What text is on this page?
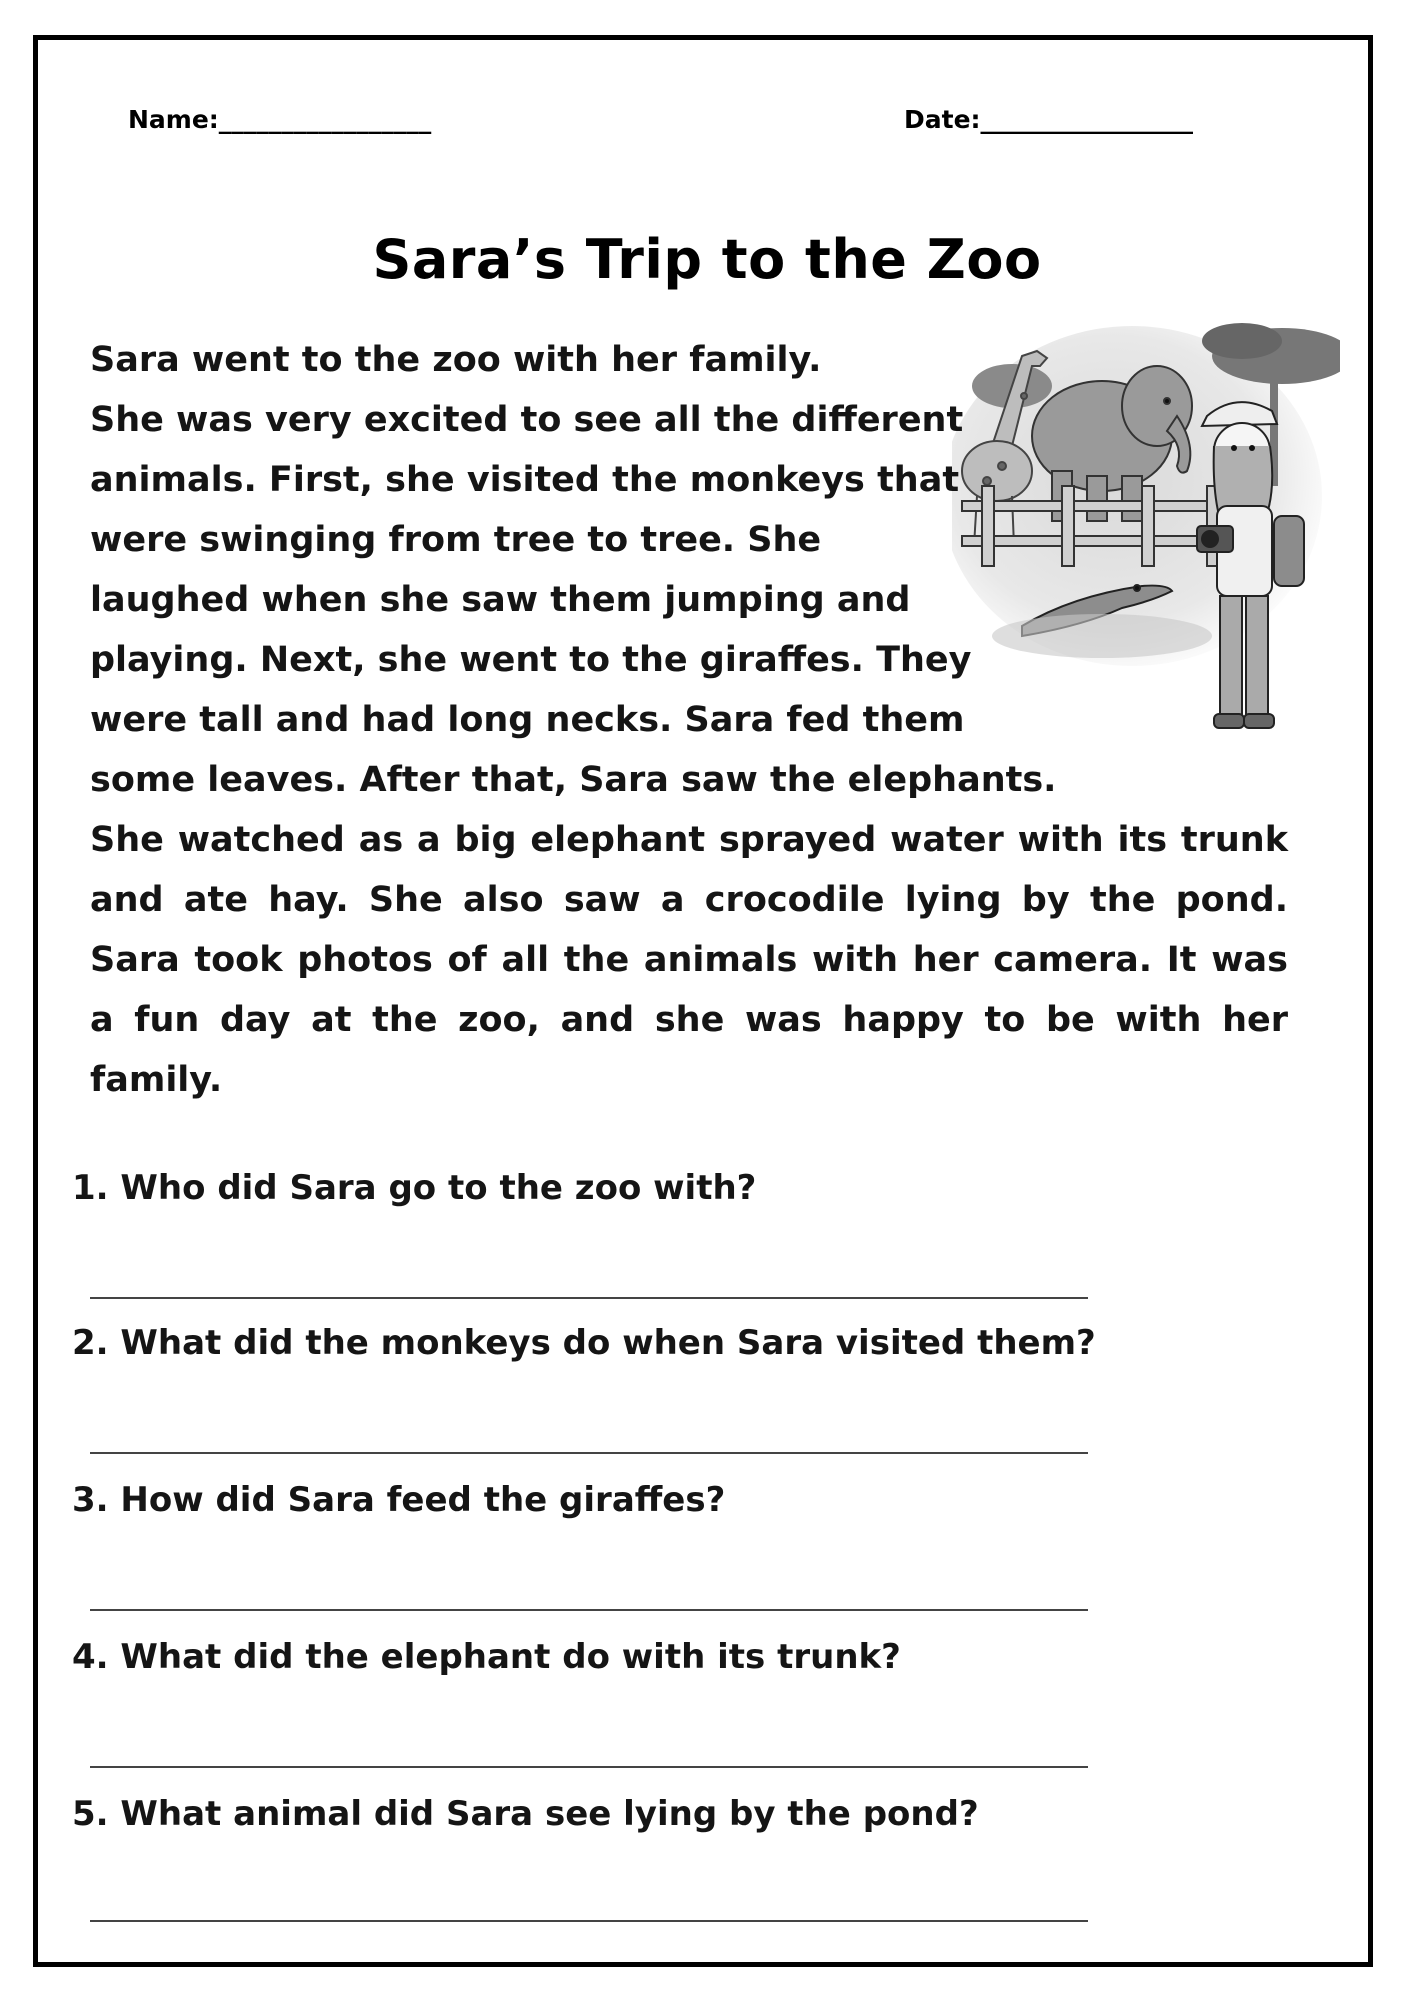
Name:_________________	Date:_________________
Sara’s Trip to the Zoo
Sara went to the zoo with her family.
She was very excited to see all the different
animals. First, she visited the monkeys that
were swinging from tree to tree. She
laughed when she saw them jumping and
playing. Next, she went to the giraffes. They
were tall and had long necks. Sara fed them
some leaves. After that, Sara saw the elephants.
She watched as a big elephant sprayed water with its trunk
and ate hay. She also saw a crocodile lying by the pond.
Sara took photos of all the animals with her camera. It was
a fun day at the zoo, and she was happy to be with her
family.
1. Who did Sara go to the zoo with?
2. What did the monkeys do when Sara visited them?
3. How did Sara feed the giraffes?
4. What did the elephant do with its trunk?
5. What animal did Sara see lying by the pond?
